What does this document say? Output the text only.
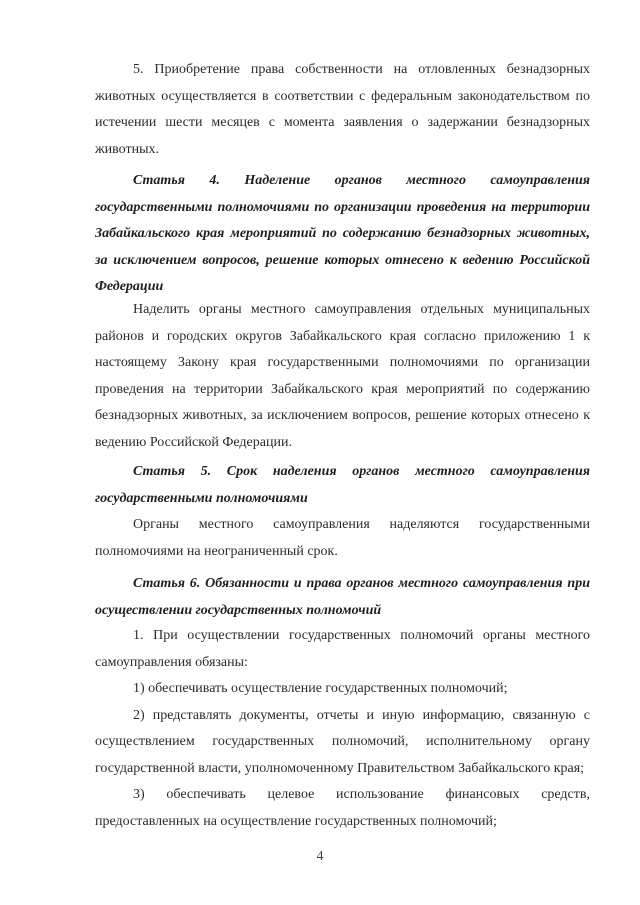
5. Приобретение права собственности на отловленных безнадзорных животных осуществляется в соответствии с федеральным законодательством по истечении шести месяцев с момента заявления о задержании безнадзорных животных.

Статья 4. Наделение органов местного самоуправления государственными полномочиями по организации проведения на территории Забайкальского края мероприятий по содержанию безнадзорных животных, за исключением вопросов, решение которых отнесено к ведению Российской Федерации

Наделить органы местного самоуправления отдельных муниципальных районов и городских округов Забайкальского края согласно приложению 1 к настоящему Закону края государственными полномочиями по организации проведения на территории Забайкальского края мероприятий по содержанию безнадзорных животных, за исключением вопросов, решение которых отнесено к ведению Российской Федерации.

Статья 5. Срок наделения органов местного самоуправления государственными полномочиями

Органы местного самоуправления наделяются государственными полномочиями на неограниченный срок.

Статья 6. Обязанности и права органов местного самоуправления при осуществлении государственных полномочий

1. При осуществлении государственных полномочий органы местного самоуправления обязаны:

1) обеспечивать осуществление государственных полномочий;

2) представлять документы, отчеты и иную информацию, связанную с осуществлением государственных полномочий, исполнительному органу государственной власти, уполномоченному Правительством Забайкальского края;

3) обеспечивать целевое использование финансовых средств, предоставленных на осуществление государственных полномочий;

4
